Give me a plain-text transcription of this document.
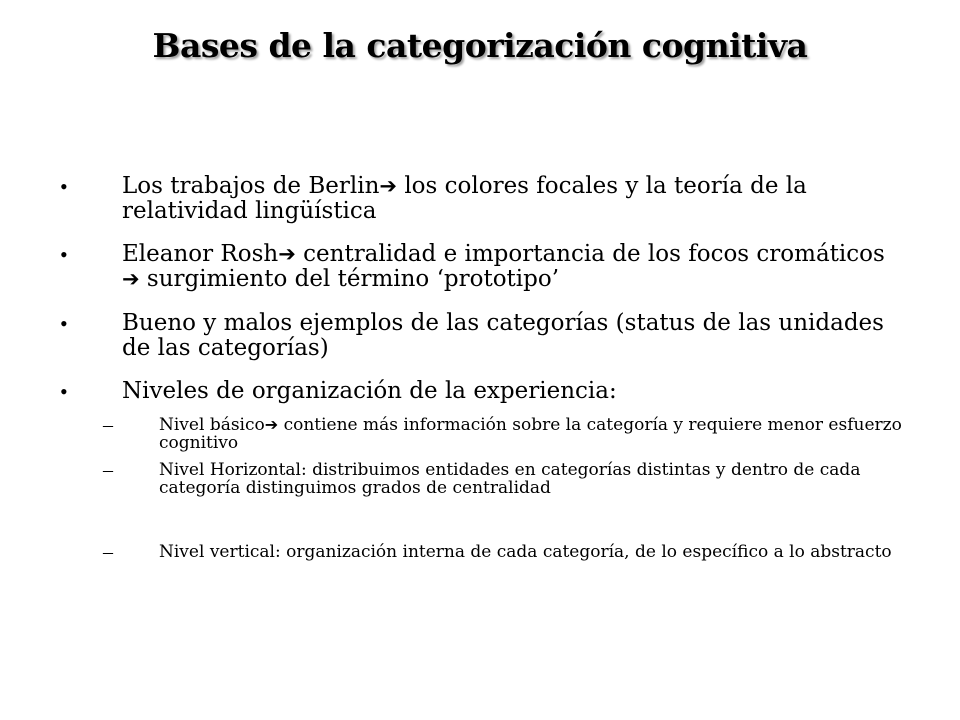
Bases de la categorización cognitiva
• Los trabajos de Berlin➔ los colores focales y la teoría de la relatividad lingüística
• Eleanor Rosh➔ centralidad e importancia de los focos cromáticos ➔ surgimiento del término ‘prototipo’
• Bueno y malos ejemplos de las categorías (status de las unidades de las categorías)
• Niveles de organización de la experiencia:
–	Nivel básico➔ contiene más información sobre la categoría y requiere menor esfuerzo cognitivo
–	Nivel Horizontal: distribuimos entidades en categorías distintas y dentro de cada categoría distinguimos grados de centralidad
–	Nivel vertical: organización interna de cada categoría, de lo específico a lo abstracto
